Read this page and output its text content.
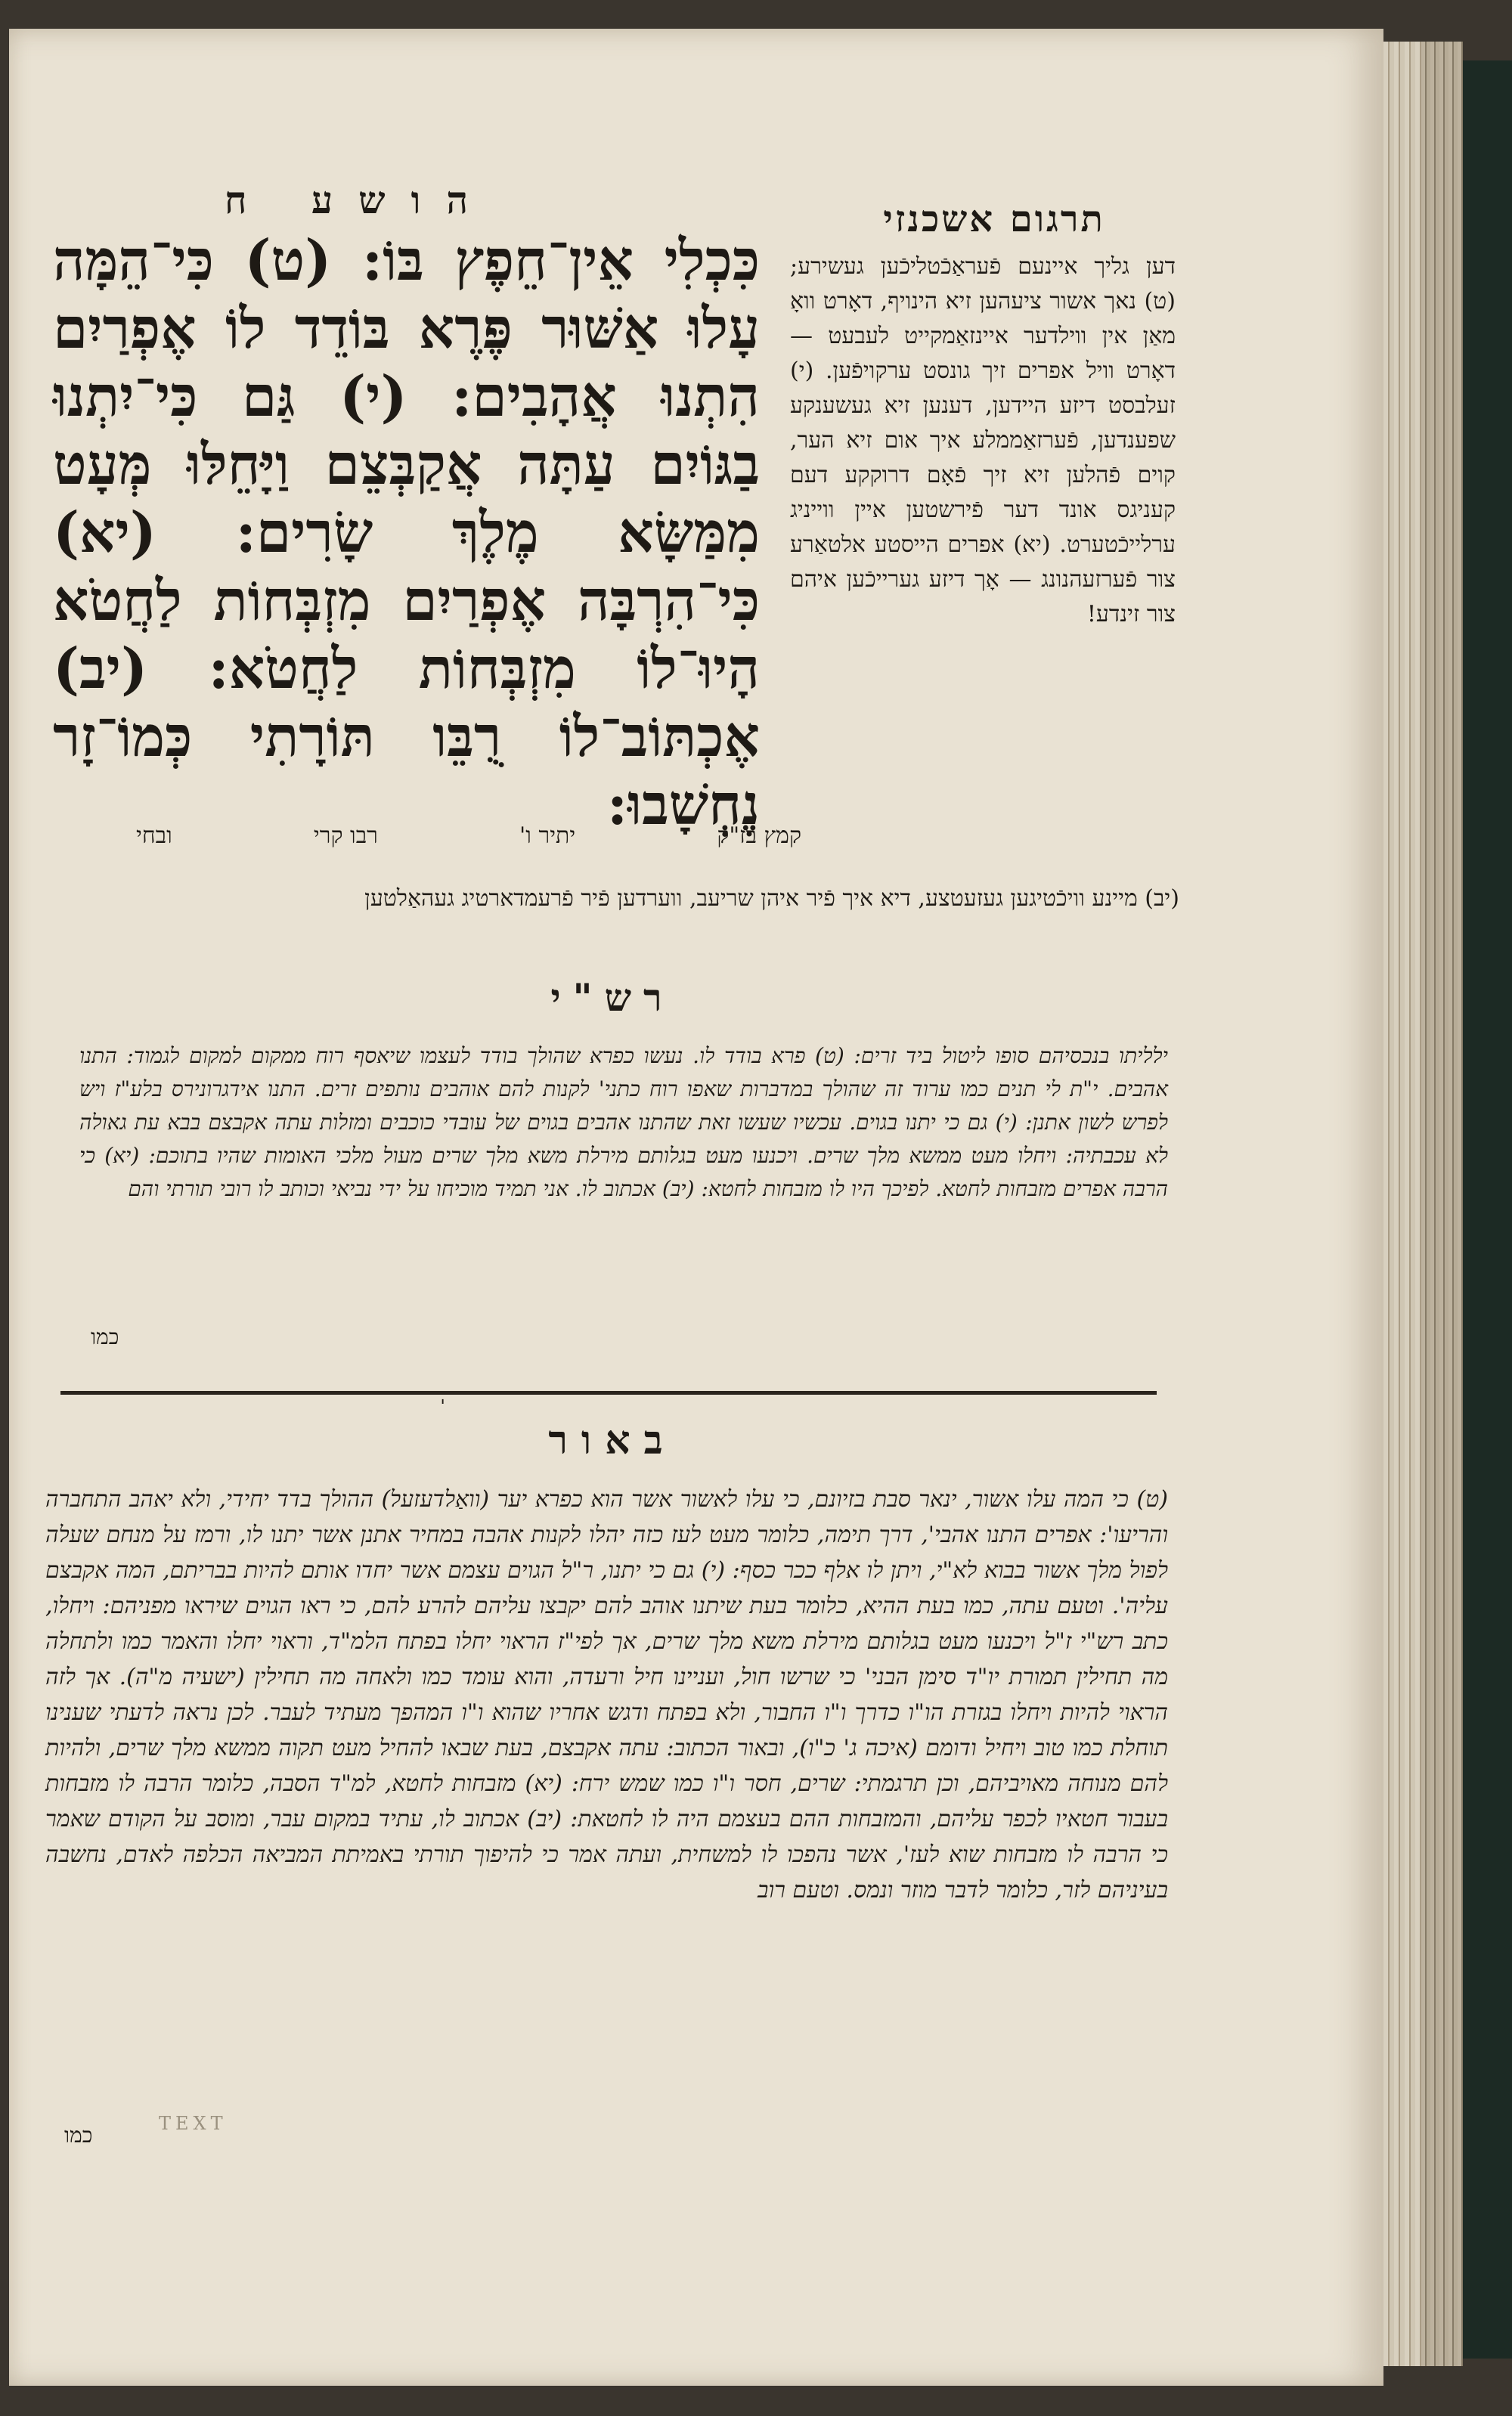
הושע ח	תרגום אשכנזי
כִּכְלִי אֵין־חֵפֶץ בּוֹ: (ט) כִּי־הֵמָּה עָלוּ אַשּׁוּר פֶּרֶא בּוֹדֵד לוֹ אֶפְרַיִם הִתְנוּ אֲהָבִים: (י) גַּם כִּי־יִתְנוּ בַגּוֹיִם עַתָּה אֲקַבְּצֵם וַיָּחֵלּוּ מְּעָט מִמַּשָּׂא מֶלֶךְ שָׂרִים: (יא) כִּי־הִרְבָּה אֶפְרַיִם מִזְבְּחוֹת לַחֲטֹא הָיוּ־לוֹ מִזְבְּחוֹת לַחֲטֹא: (יב) אֶכְתּוֹב־לוֹ רֻבֵּו תּוֹרָתִי כְּמוֹ־זָר נֶחְשָׁבוּ:
דען גליך איינעם פֿעראַכֿטליכֿען געשירע; (ט) נאך אשור ציעהען זיא הינויף, דאָרט וואָ מאַן אין ווילדער איינזאַמקייט לעבעט — דאָרט וויל אפרים זיך גונסט ערקויפֿען. (י) זעלבסט דיזע היידען, דענען זיא געשענקע שפענדען, פֿערזאַממלע איך אום זיא הער, קוים פֿהלען זיא זיך פֿאָם דרוקקע דעם קעניגס אונד דער פֿירשטען איין ווייניג ערלייכֿטערט. (יא) אפרים הייסטע אלטאַרע צור פֿערזעהנונג — אָך דיזע גערייכֿען איהם צור זינדע!
קמץ בז"ק
יתיר ו'
רבו קרי
ובחי
(יב) מיינע וויכֿטיגען געזעטצע, דיא איך פֿיר איהן שריעב, ווערדען פֿיר פֿרעמדארטיג געהאַלטען
רש"י
ילליתו בנכסיהם סופו ליטול ביד זרים: (ט) פרא בודד לו. נעשו כפרא שהולך בודד לעצמו שיאסף רוח ממקום למקום לגמוד: התנו אהבים. י"ת לי תנים כמו ערוד זה שהולך במדברות שאפו רוח כתני' לקנות להם אוהבים נותפים זרים. התנו אידגרונירס בלע"ז ויש לפרש לשון אתנן: (י) גם כי יתנו בגוים. עכשיו שעשו זאת שהתנו אהבים בגוים של עובדי כוכבים ומזלות עתה אקבצם בבא עת גאולה לא עכבתיה: ויחלו מעט ממשא מלך שרים. ויכנעו מעט בגלותם מירלת משא מלך שרים מעול מלכי האומות שהיו בתוכם: (יא) כי הרבה אפרים מזבחות לחטא. לפיכך היו לו מזבחות לחטא: (יב) אכתוב לו. אני תמיד מוכיחו על ידי נביאי וכותב לו רובי תורתי והם
כמו
ˈ
באור
(ט) כי המה עלו אשור, ינאר סבת בזיונם, כי עלו לאשור אשר הוא כפרא יער (וואַלדעזעל) ההולך בדד יחידי, ולא יאהב התחברה והריעו': אפרים התנו אהבי', דרך תימה, כלומר מעט לעז כזה יהלו לקנות אהבה במחיר אתנן אשר יתנו לו, ורמז על מנחם שעלה לפול מלך אשור בבוא לא"י, ויתן לו אלף ככר כסף: (י) גם כי יתנו, ר"ל הגוים עצמם אשר יחדו אותם להיות בבריתם, המה אקבצם עליה'. וטעם עתה, כמו בעת ההיא, כלומר בעת שיתנו אוהב להם יקבצו עליהם להרע להם, כי ראו הגוים שיראו מפניהם: ויחלו, כתב רש"י ז"ל ויכנעו מעט בגלותם מירלת משא מלך שרים, אך לפי"ז הראוי יחלו בפתח הלמ"ד, וראוי יחלו והאמר כמו ולתחלה מה תחילין תמורת יו"ד סימן הבני' כי שרשו חול, ועניינו חיל ורעדה, והוא עומד כמו ולאחה מה תחילין (ישעיה מ"ה). אך לזה הראוי להיות ויחלו בגזרת הו"ו כדרך ו"ו החבור, ולא בפתח ודגש אחריו שהוא ו"ו המהפך מעתיד לעבר. לכן נראה לדעתי שענינו תוחלת כמו טוב ויחיל ודומם (איכה ג' כ"ו), ובאור הכתוב: עתה אקבצם, בעת שבאו להחיל מעט תקוה ממשא מלך שרים, ולהיות להם מנוחה מאויביהם, וכן תרגמתי: שרים, חסר ו"ו כמו שמש ירח: (יא) מזבחות לחטא, למ"ד הסבה, כלומר הרבה לו מזבחות בעבור חטאיו לכפר עליהם, והמזבחות ההם בעצמם היה לו לחטאת: (יב) אכתוב לו, עתיד במקום עבר, ומוסב על הקודם שאמר כי הרבה לו מזבחות שוא לעז', אשר נהפכו לו למשחית, ועתה אמר כי להיפוך תורתי באמיתת המביאה הכלפה לאדם, נחשבה בעיניהם לזר, כלומר לדבר מוזר ונמס. וטעם רוב
TEXT
כמו
